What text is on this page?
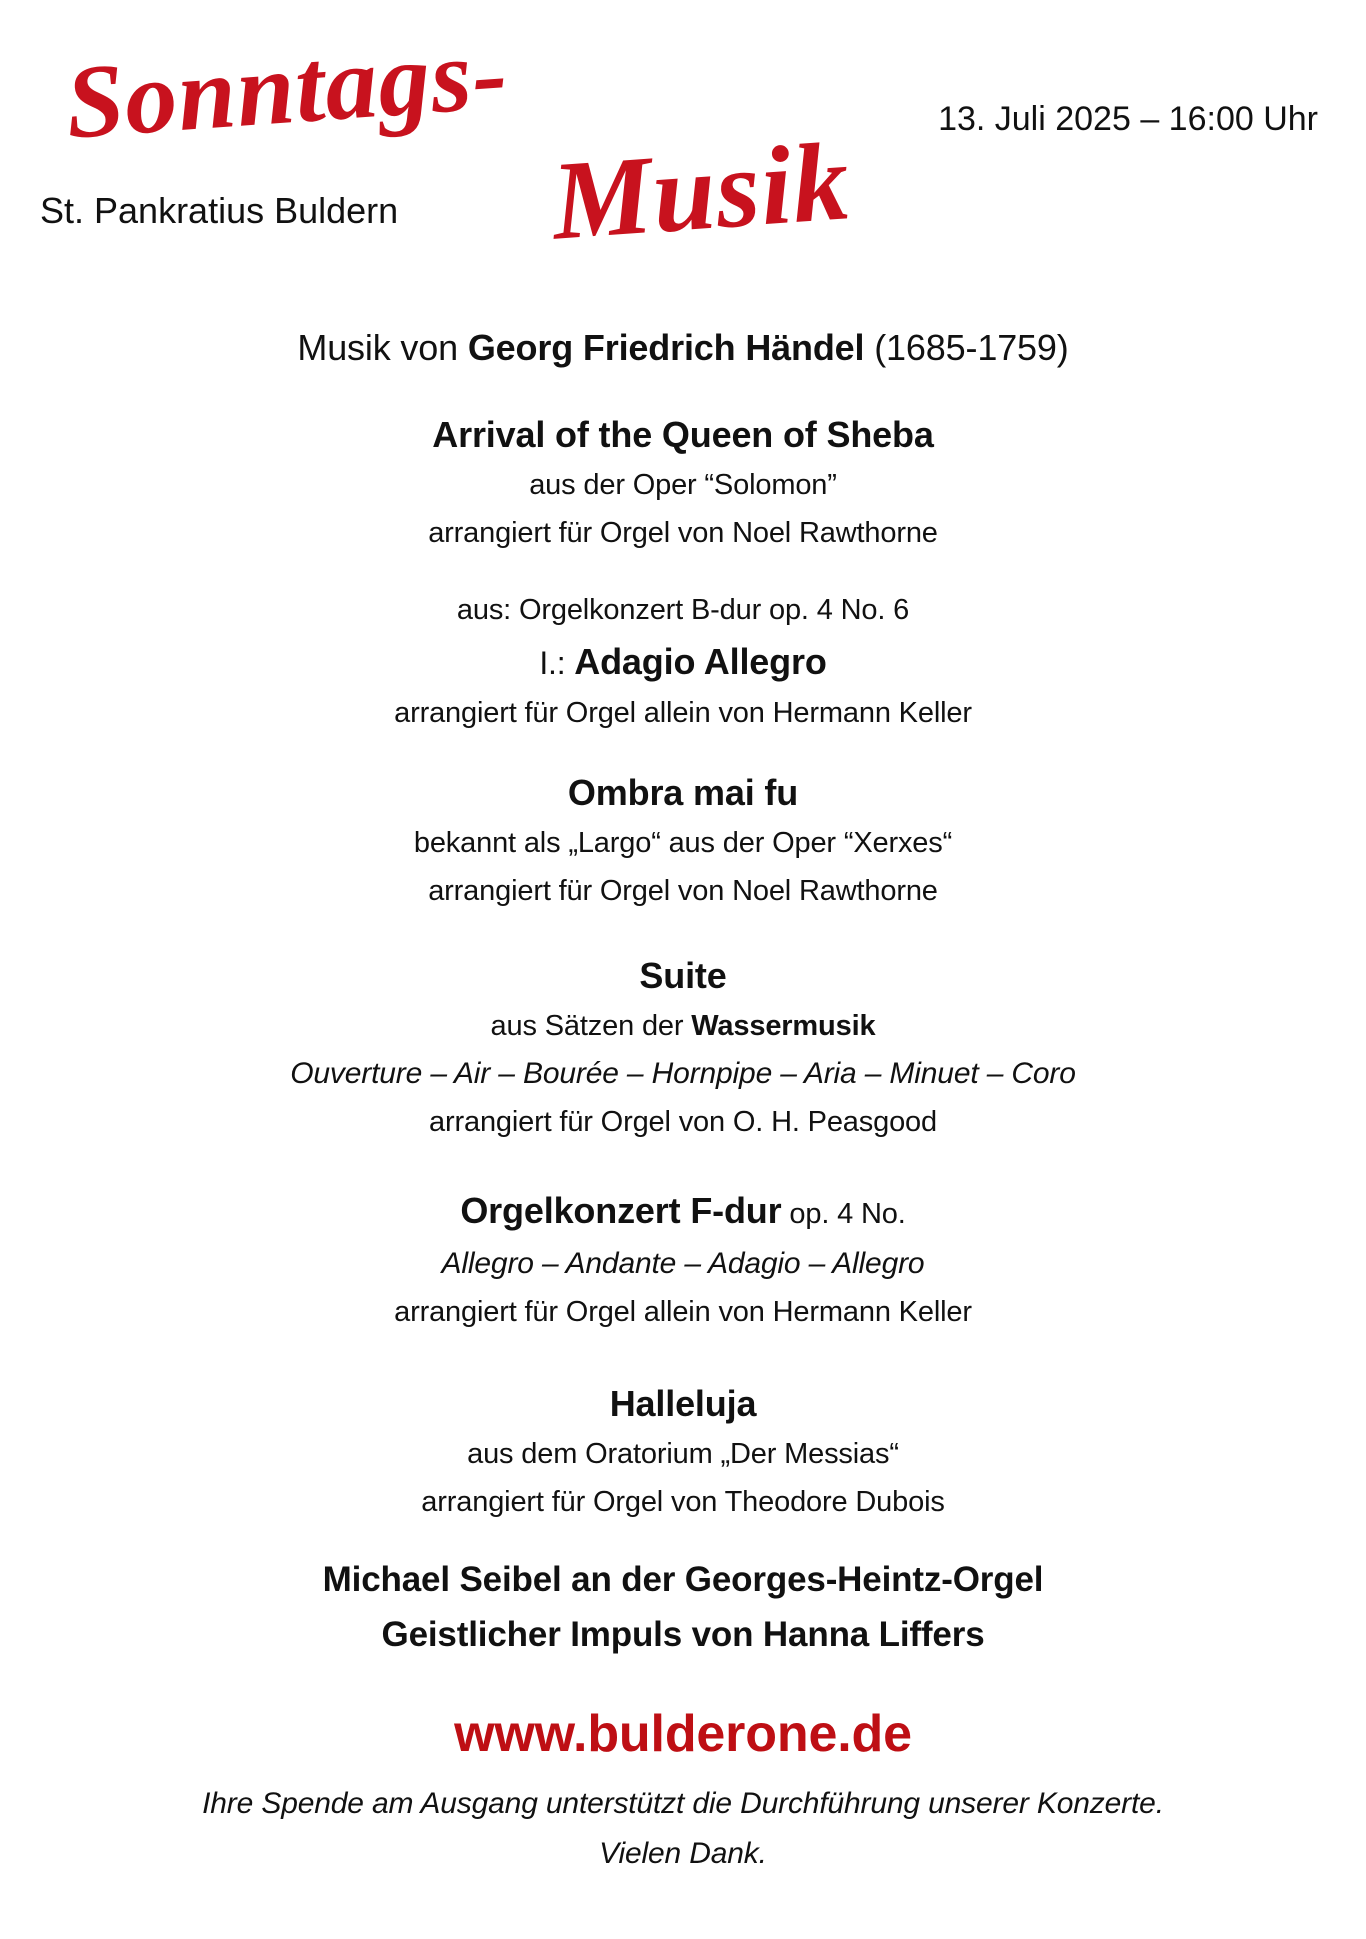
Sonntags-
Musik
St. Pankratius Buldern
13. Juli 2025 – 16:00 Uhr
Musik von Georg Friedrich Händel (1685-1759)
Arrival of the Queen of Sheba
aus der Oper “Solomon”
arrangiert für Orgel von Noel Rawthorne
aus: Orgelkonzert B-dur op. 4 No. 6
I.: Adagio Allegro
arrangiert für Orgel allein von Hermann Keller
Ombra mai fu
bekannt als „Largo“ aus der Oper “Xerxes“
arrangiert für Orgel von Noel Rawthorne
Suite
aus Sätzen der Wassermusik
Ouverture – Air – Bourée – Hornpipe – Aria – Minuet – Coro
arrangiert für Orgel von O. H. Peasgood
Orgelkonzert F-dur op. 4 No.
Allegro – Andante – Adagio – Allegro
arrangiert für Orgel allein von Hermann Keller
Halleluja
aus dem Oratorium „Der Messias“
arrangiert für Orgel von Theodore Dubois
Michael Seibel an der Georges-Heintz-Orgel
Geistlicher Impuls von Hanna Liffers
www.bulderone.de
Ihre Spende am Ausgang unterstützt die Durchführung unserer Konzerte.
Vielen Dank.
